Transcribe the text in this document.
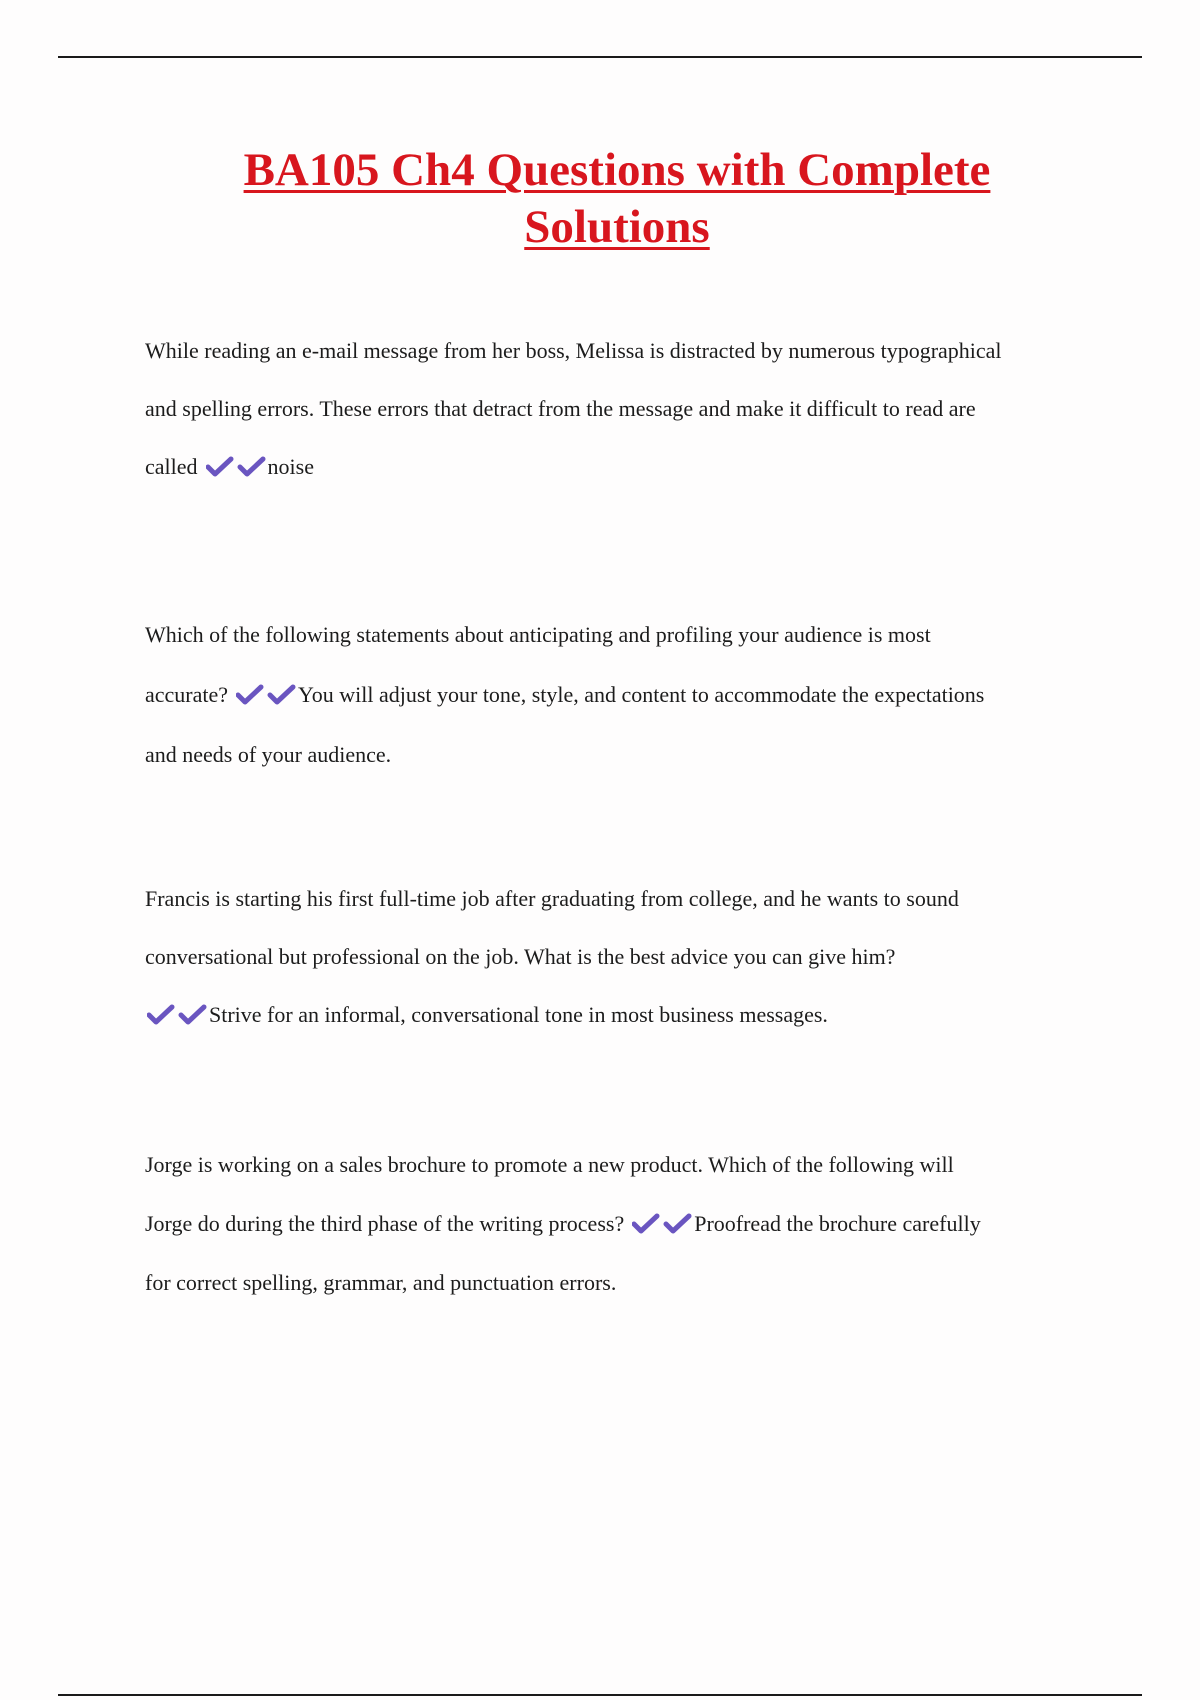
BA105 Ch4 Questions with Complete
Solutions

While reading an e-mail message from her boss, Melissa is distracted by numerous typographical
and spelling errors. These errors that detract from the message and make it difficult to read are
called	noise

Which of the following statements about anticipating and profiling your audience is most
accurate?	You will adjust your tone, style, and content to accommodate the expectations
and needs of your audience.

Francis is starting his first full-time job after graduating from college, and he wants to sound
conversational but professional on the job. What is the best advice you can give him?
Strive for an informal, conversational tone in most business messages.

Jorge is working on a sales brochure to promote a new product. Which of the following will
Jorge do during the third phase of the writing process?	Proofread the brochure carefully
for correct spelling, grammar, and punctuation errors.
